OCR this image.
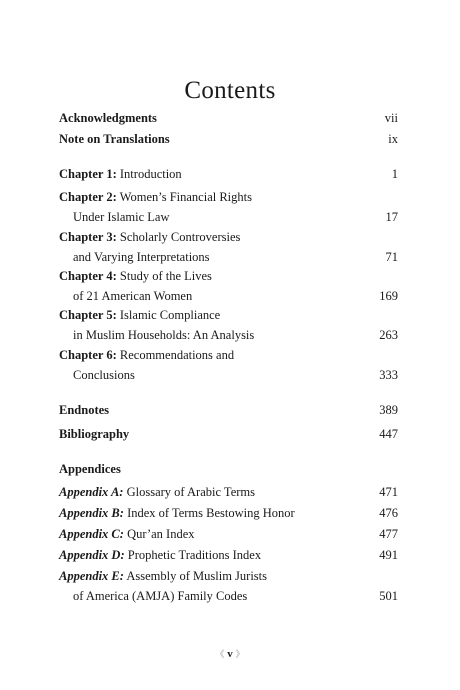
Contents
Acknowledgments	vii
Note on Translations	ix
Chapter 1: Introduction	1
Chapter 2: Women’s Financial Rights
Under Islamic Law	17
Chapter 3: Scholarly Controversies
and Varying Interpretations	71
Chapter 4: Study of the Lives
of 21 American Women	169
Chapter 5: Islamic Compliance
in Muslim Households: An Analysis	263
Chapter 6: Recommendations and
Conclusions	333
Endnotes	389
Bibliography	447
Appendices
Appendix A: Glossary of Arabic Terms	471
Appendix B: Index of Terms Bestowing Honor	476
Appendix C: Qur’an Index	477
Appendix D: Prophetic Traditions Index	491
Appendix E: Assembly of Muslim Jurists
of America (AMJA) Family Codes	501
《 v 》
